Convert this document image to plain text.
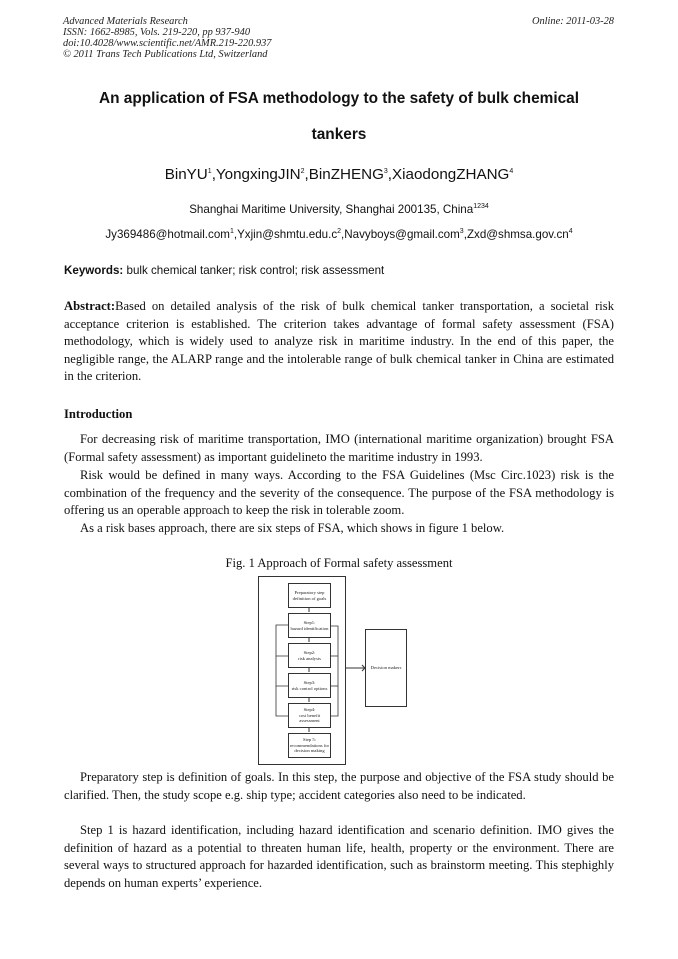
Advanced Materials Research
ISSN: 1662-8985, Vols. 219-220, pp 937-940
doi:10.4028/www.scientific.net/AMR.219-220.937
© 2011 Trans Tech Publications Ltd, Switzerland
Online: 2011-03-28
An application of FSA methodology to the safety of bulk chemical
tankers
BinYU$^1$,YongxingJIN$^2$,BinZHENG$^3$,XiaodongZHANG$^4$
Shanghai Maritime University, Shanghai 200135, China$^{1234}$
$Jy369486@hotmail.com^1,Yxjin@shmtu.edu.c^2,Navyboys@gmail.com^3,Zxd@shmsa.gov.cn^4$
Keywords: bulk chemical tanker; risk control; risk assessment
Abstract:Based on detailed analysis of the risk of bulk chemical tanker transportation, a societal risk acceptance criterion is established. The criterion takes advantage of formal safety assessment (FSA) methodology, which is widely used to analyze risk in maritime industry. In the end of this paper, the negligible range, the ALARP range and the intolerable range of bulk chemical tanker in China are estimated in the criterion.
Introduction
For decreasing risk of maritime transportation, IMO (international maritime organization) brought FSA (Formal safety assessment) as important guidelineto the maritime industry in 1993.
Risk would be defined in many ways. According to the FSA Guidelines (Msc Circ.1023) risk is the combination of the frequency and the severity of the consequence. The purpose of the FSA methodology is offering us an operable approach to keep the risk in tolerable zoom.
As a risk bases approach, there are six steps of FSA, which shows in figure 1 below.
Fig. 1 Approach of Formal safety assessment
Preparatory step
definition of goals
Step1:
hazard identification
Step2:
risk analysis
Step3:
risk control options
Step4:
cost benefit
assessment
Step 5:
recommendations for
decision making
Decision makers
Preparatory step is definition of goals. In this step, the purpose and objective of the FSA study should be clarified. Then, the study scope e.g. ship type; accident categories also need to be indicated.
Step 1 is hazard identification, including hazard identification and scenario definition. IMO gives the definition of hazard as a potential to threaten human life, health, property or the environment. There are several ways to structured approach for hazarded identification, such as brainstorm meeting. This stephighly depends on human experts’ experience.
